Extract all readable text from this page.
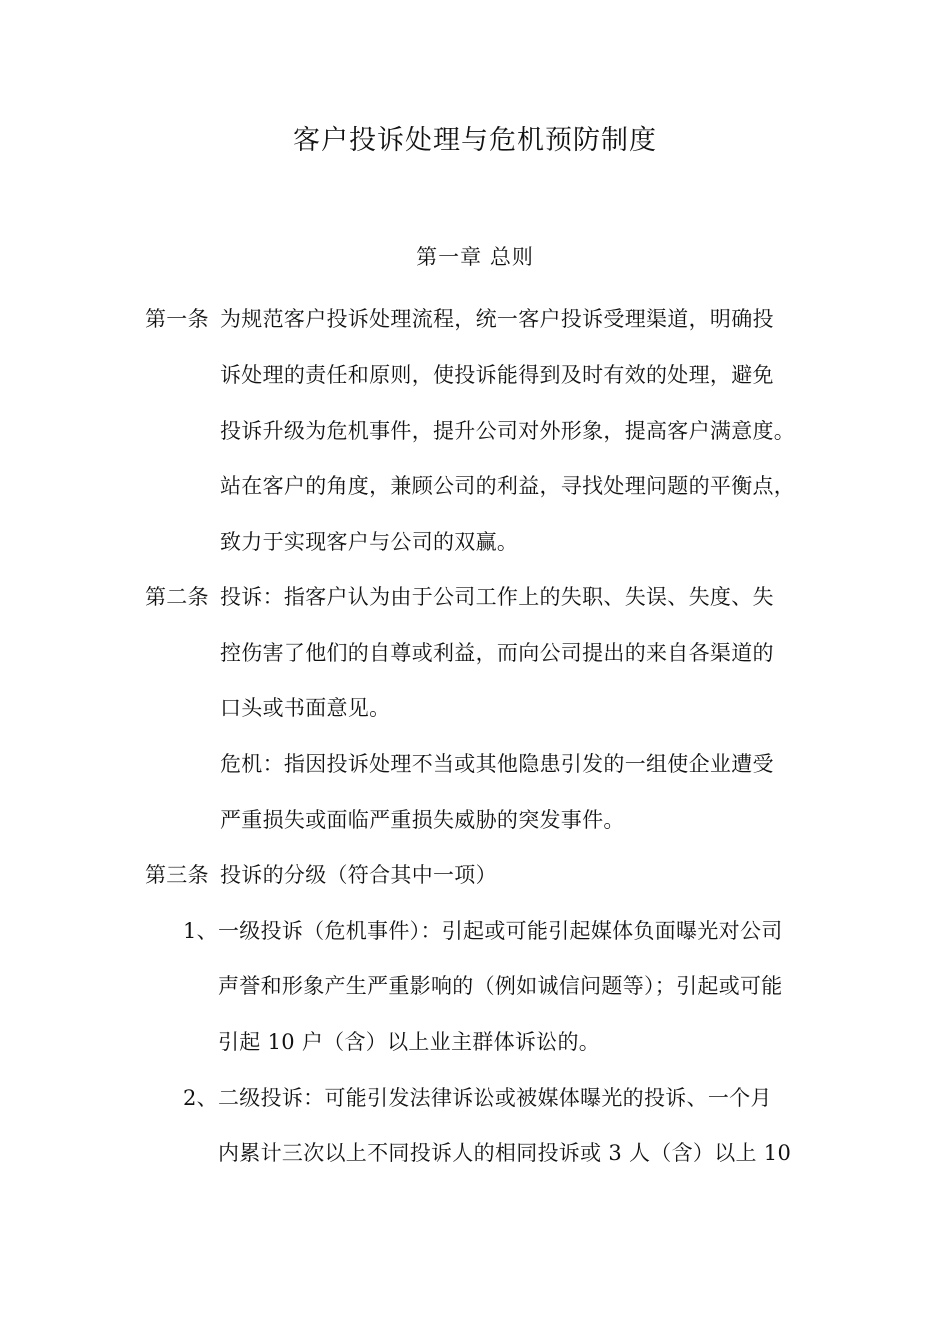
客户投诉处理与危机预防制度
第一章 总则
第一条 为规范客户投诉处理流程，统一客户投诉受理渠道，明确投
诉处理的责任和原则，使投诉能得到及时有效的处理，避免
投诉升级为危机事件，提升公司对外形象，提高客户满意度。
站在客户的角度，兼顾公司的利益，寻找处理问题的平衡点，
致力于实现客户与公司的双赢。
第二条 投诉：指客户认为由于公司工作上的失职、失误、失度、失
控伤害了他们的自尊或利益，而向公司提出的来自各渠道的
口头或书面意见。
危机：指因投诉处理不当或其他隐患引发的一组使企业遭受
严重损失或面临严重损失威胁的突发事件。
第三条 投诉的分级（符合其中一项）
1、一级投诉（危机事件）：引起或可能引起媒体负面曝光对公司
声誉和形象产生严重影响的（例如诚信问题等）；引起或可能
引起 10 户（含）以上业主群体诉讼的。
2、二级投诉：可能引发法律诉讼或被媒体曝光的投诉、一个月
内累计三次以上不同投诉人的相同投诉或 3 人（含）以上 10
